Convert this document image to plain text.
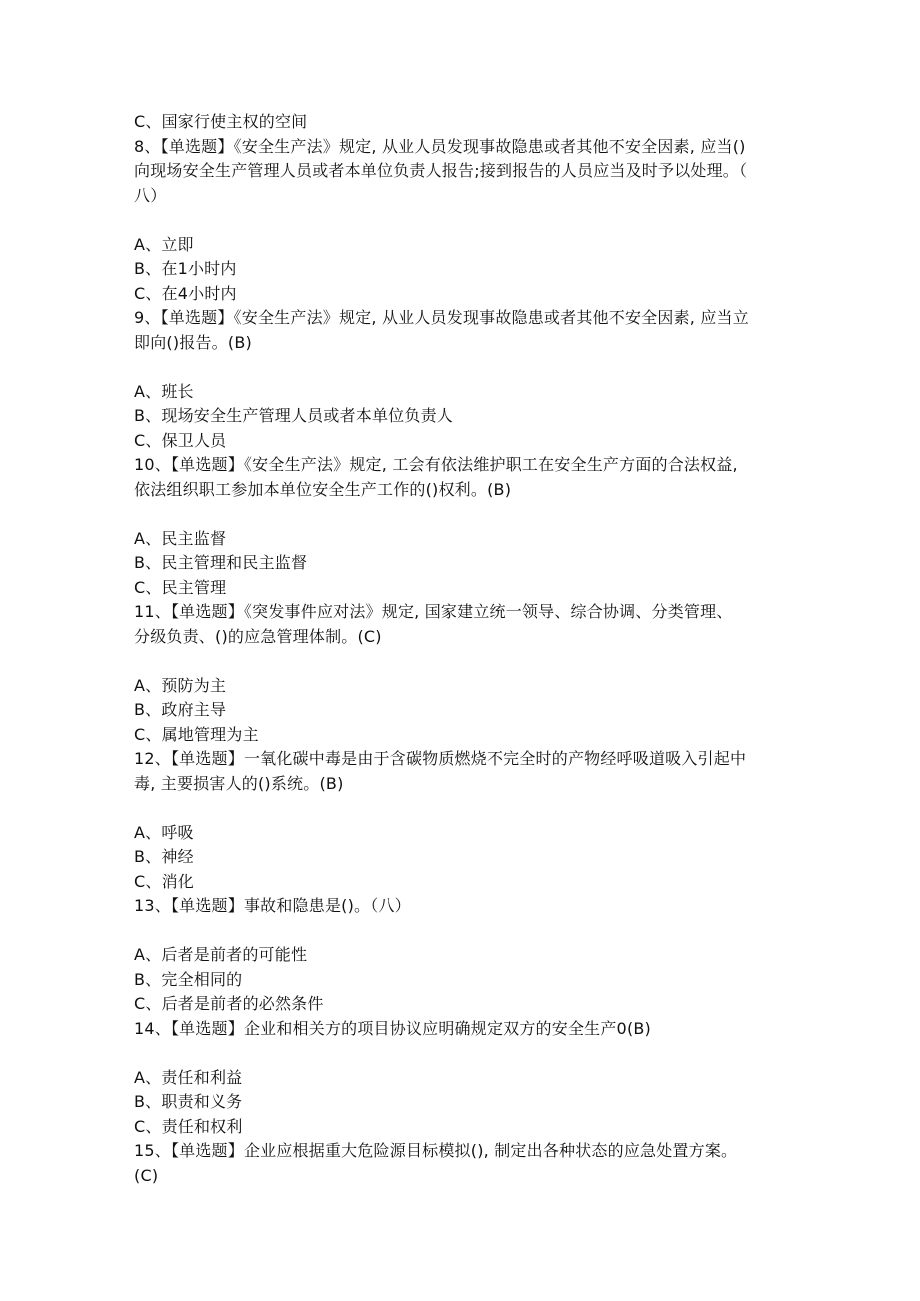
C、国家行使主权的空间
8、【单选题】《安全生产法》规定, 从业人员发现事故隐患或者其他不安全因素, 应当()
向现场安全生产管理人员或者本单位负责人报告;接到报告的人员应当及时予以处理。（
八）
A、立即
B、在1小时内
C、在4小时内
9、【单选题】《安全生产法》规定, 从业人员发现事故隐患或者其他不安全因素, 应当立
即向()报告。(B)
A、班长
B、现场安全生产管理人员或者本单位负责人
C、保卫人员
10、【单选题】《安全生产法》规定, 工会有依法维护职工在安全生产方面的合法权益,
依法组织职工参加本单位安全生产工作的()权利。(B)
A、民主监督
B、民主管理和民主监督
C、民主管理
11、【单选题】《突发事件应对法》规定, 国家建立统一领导、综合协调、分类管理、
分级负责、()的应急管理体制。(C)
A、预防为主
B、政府主导
C、属地管理为主
12、【单选题】一氧化碳中毒是由于含碳物质燃烧不完全时的产物经呼吸道吸入引起中
毒, 主要损害人的()系统。(B)
A、呼吸
B、神经
C、消化
13、【单选题】事故和隐患是()。（八）
A、后者是前者的可能性
B、完全相同的
C、后者是前者的必然条件
14、【单选题】企业和相关方的项目协议应明确规定双方的安全生产0(B)
A、责任和利益
B、职责和义务
C、责任和权利
15、【单选题】企业应根据重大危险源目标模拟(), 制定出各种状态的应急处置方案。
(C)
